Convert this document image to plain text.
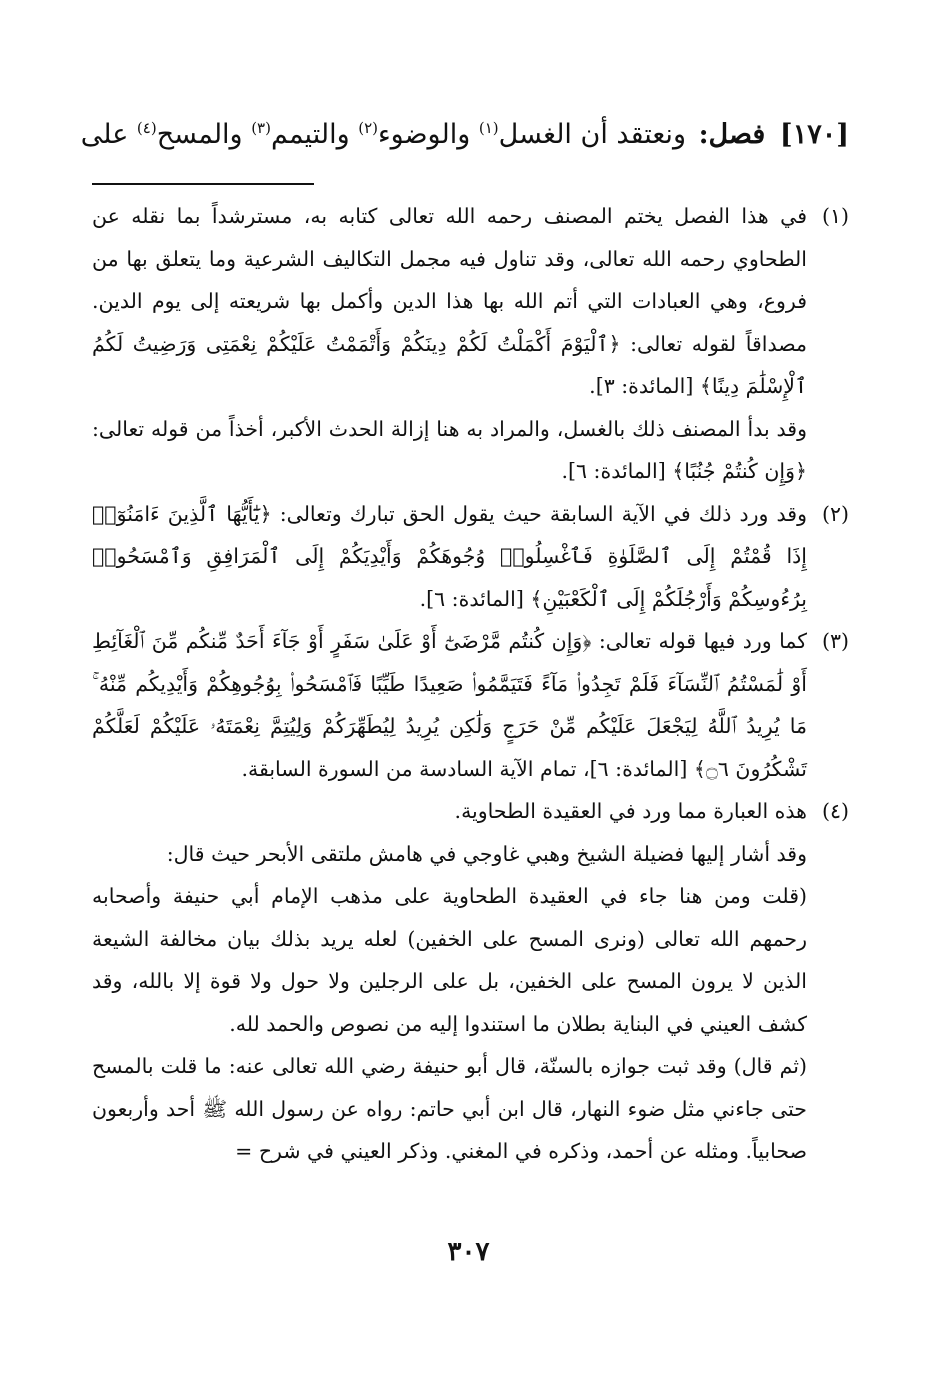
[١٧٠] فصل: ونعتقد أن الغسل$^{(١)}$ والوضوء$^{(٢)}$ والتيمم$^{(٣)}$ والمسح$^{(٤)}$ على
(١)

في هذا الفصل يختم المصنف رحمه الله تعالى كتابه به، مسترشداً بما نقله عن الطحاوي رحمه الله تعالى، وقد تناول فيه مجمل التكاليف الشرعية وما يتعلق بها من فروع، وهي العبادات التي أتم الله بها هذا الدين وأكمل بها شريعته إلى يوم الدين. مصداقاً لقوله تعالى: ﴿ٱلْيَوْمَ أَكْمَلْتُ لَكُمْ دِينَكُمْ وَأَتْمَمْتُ عَلَيْكُمْ نِعْمَتِى وَرَضِيتُ لَكُمُ ٱلْإِسْلَٰمَ دِينًا﴾ [المائدة: ٣].

وقد بدأ المصنف ذلك بالغسل، والمراد به هنا إزالة الحدث الأكبر، أخذاً من قوله تعالى: ﴿وَإِن كُنتُمْ جُنُبًا﴾ [المائدة: ٦].

(٢)

وقد ورد ذلك في الآية السابقة حيث يقول الحق تبارك وتعالى: ﴿يَٰٓأَيُّهَا ٱلَّذِينَ ءَامَنُوٓا۟ إِذَا قُمْتُمْ إِلَى ٱلصَّلَوٰةِ فَٱغْسِلُوا۟ وُجُوهَكُمْ وَأَيْدِيَكُمْ إِلَى ٱلْمَرَافِقِ وَٱمْسَحُوا۟ بِرُءُوسِكُمْ وَأَرْجُلَكُمْ إِلَى ٱلْكَعْبَيْنِ﴾ [المائدة: ٦].

(٣)

كما ورد فيها قوله تعالى: ﴿وَإِن كُنتُم مَّرْضَىٰٓ أَوْ عَلَىٰ سَفَرٍ أَوْ جَآءَ أَحَدٌ مِّنكُم مِّنَ ٱلْغَآئِطِ أَوْ لَٰمَسْتُمُ ٱلنِّسَآءَ فَلَمْ تَجِدُوا۟ مَآءً فَتَيَمَّمُوا۟ صَعِيدًا طَيِّبًا فَٱمْسَحُوا۟ بِوُجُوهِكُمْ وَأَيْدِيكُم مِّنْهُ ۚ مَا يُرِيدُ ٱللَّهُ لِيَجْعَلَ عَلَيْكُم مِّنْ حَرَجٍ وَلَٰكِن يُرِيدُ لِيُطَهِّرَكُمْ وَلِيُتِمَّ نِعْمَتَهُۥ عَلَيْكُمْ لَعَلَّكُمْ تَشْكُرُونَ ۝٦﴾ [المائدة: ٦]، تمام الآية السادسة من السورة السابقة.

(٤)

هذه العبارة مما ورد في العقيدة الطحاوية.

وقد أشار إليها فضيلة الشيخ وهبي غاوجي في هامش ملتقى الأبحر حيث قال:

(قلت ومن هنا جاء في العقيدة الطحاوية على مذهب الإمام أبي حنيفة وأصحابه رحمهم الله تعالى (ونرى المسح على الخفين) لعله يريد بذلك بيان مخالفة الشيعة الذين لا يرون المسح على الخفين، بل على الرجلين ولا حول ولا قوة إلا بالله، وقد كشف العيني في البناية بطلان ما استندوا إليه من نصوص والحمد لله.

(ثم قال) وقد ثبت جوازه بالسنّة، قال أبو حنيفة رضي الله تعالى عنه: ما قلت بالمسح حتى جاءني مثل ضوء النهار، قال ابن أبي حاتم: رواه عن رسول الله ﷺ أحد وأربعون صحابياً. ومثله عن أحمد، وذكره في المغني. وذكر العيني في شرح =

٣٠٧
